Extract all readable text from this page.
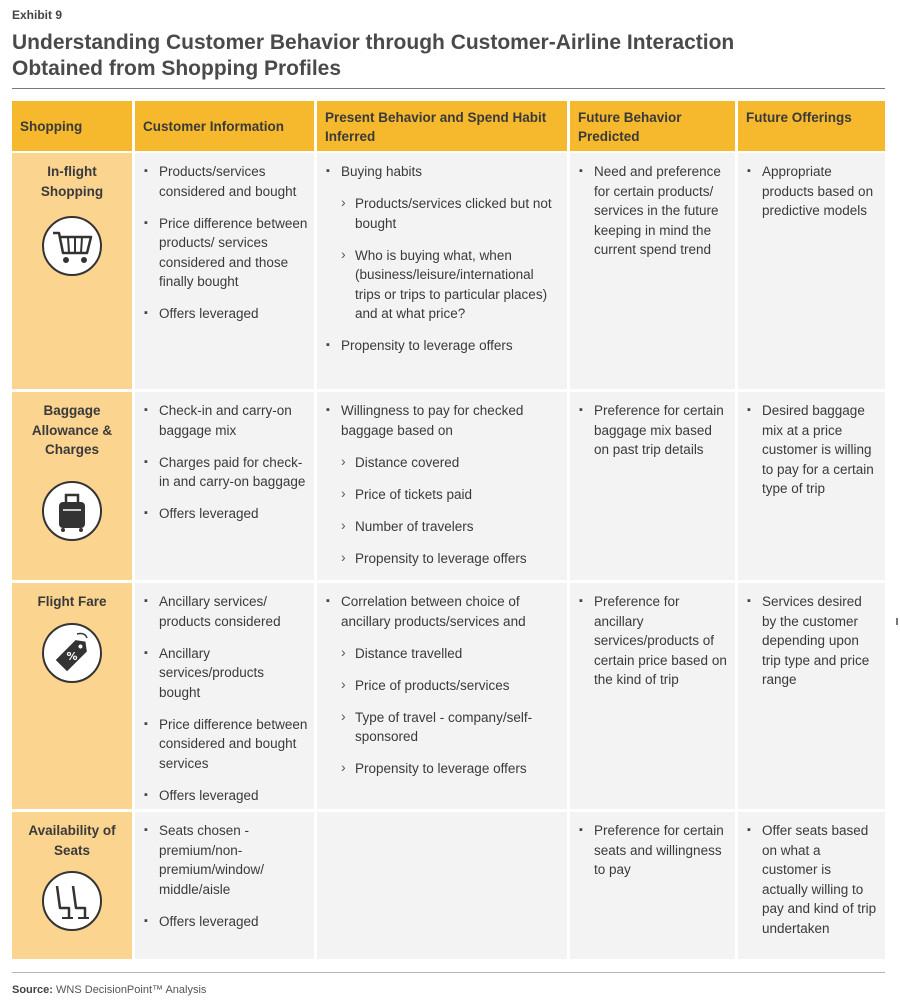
Exhibit 9
Understanding Customer Behavior through Customer-Airline Interaction
Obtained from Shopping Profiles
Shopping	Customer Information
Present Behavior and Spend Habit Inferred
Future Behavior Predicted
Future Offerings
In-flight Shopping
▪ Products/services considered and bought
▪ Price difference between products/ services considered and those finally bought
▪ Offers leveraged
▪ Buying habits
› Products/services clicked but not bought
› Who is buying what, when (business/leisure/international trips or trips to particular places) and at what price?
▪ Propensity to leverage offers
▪ Need and preference for certain products/ services in the future keeping in mind the current spend trend
▪ Appropriate products based on predictive models
Baggage Allowance & Charges
▪ Check-in and carry-on baggage mix
▪ Charges paid for check-in and carry-on baggage
▪ Offers leveraged
▪ Willingness to pay for checked baggage based on
› Distance covered
› Price of tickets paid
› Number of travelers
› Propensity to leverage offers
▪ Preference for certain baggage mix based on past trip details
▪ Desired baggage mix at a price customer is willing to pay for a certain type of trip
Flight Fare
%
▪ Ancillary services/ products considered
▪ Ancillary services/products bought
▪ Price difference between considered and bought services
▪ Offers leveraged
▪ Correlation between choice of ancillary products/services and
› Distance travelled
› Price of products/services
› Type of travel - company/self-sponsored
› Propensity to leverage offers
▪ Preference for ancillary services/products of certain price based on the kind of trip
▪ Services desired by the customer depending upon trip type and price range
Availability of Seats
▪ Seats chosen - premium/non-premium/window/ middle/aisle
▪ Offers leveraged
▪ Preference for certain seats and willingness to pay
▪ Offer seats based on what a customer is actually willing to pay and kind of trip undertaken
Source: WNS DecisionPoint™ Analysis
